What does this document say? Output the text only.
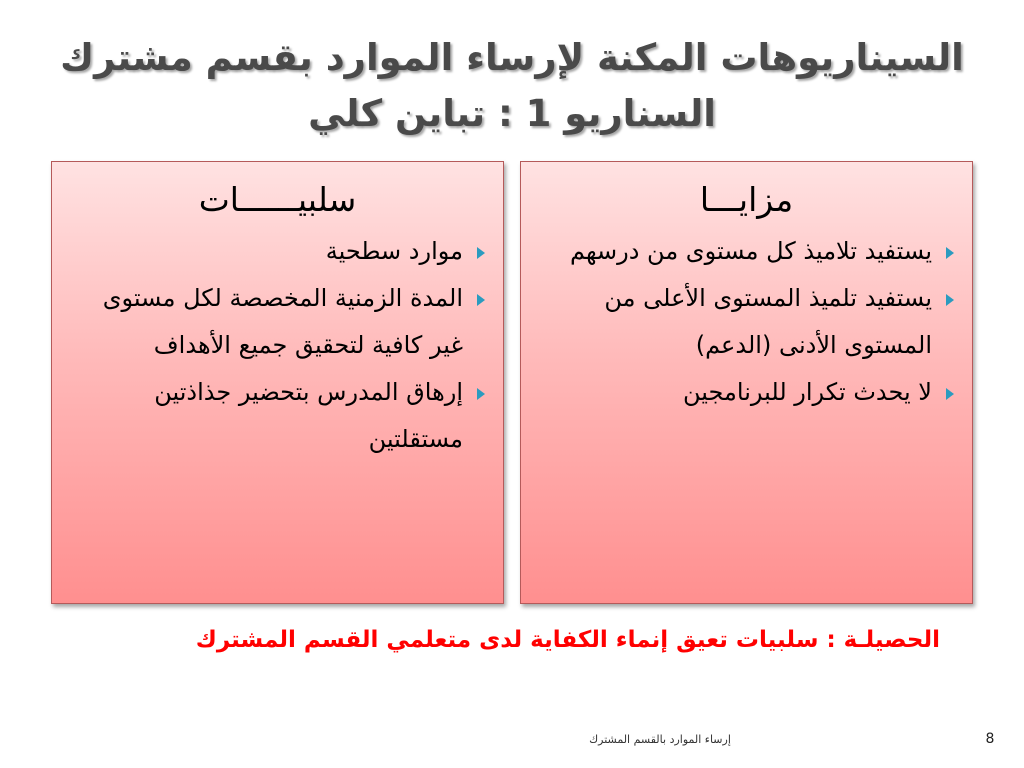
السيناريوهات المكنة لإرساء الموارد بقسم مشترك
السناريو 1 : تباين كلي
مزايـــا
يستفيد تلاميذ كل مستوى من درسهم
يستفيد تلميذ المستوى الأعلى من المستوى الأدنى (الدعم)
لا يحدث تكرار للبرنامجين
سلبيــــــات
موارد سطحية
المدة الزمنية المخصصة لكل مستوى غير كافية لتحقيق جميع الأهداف
إرهاق المدرس بتحضير جذاذتين مستقلتين
الحصيلـة : سلبيات تعيق إنماء الكفاية لدى متعلمي القسم المشترك
إرساء الموارد بالقسم المشترك	8
